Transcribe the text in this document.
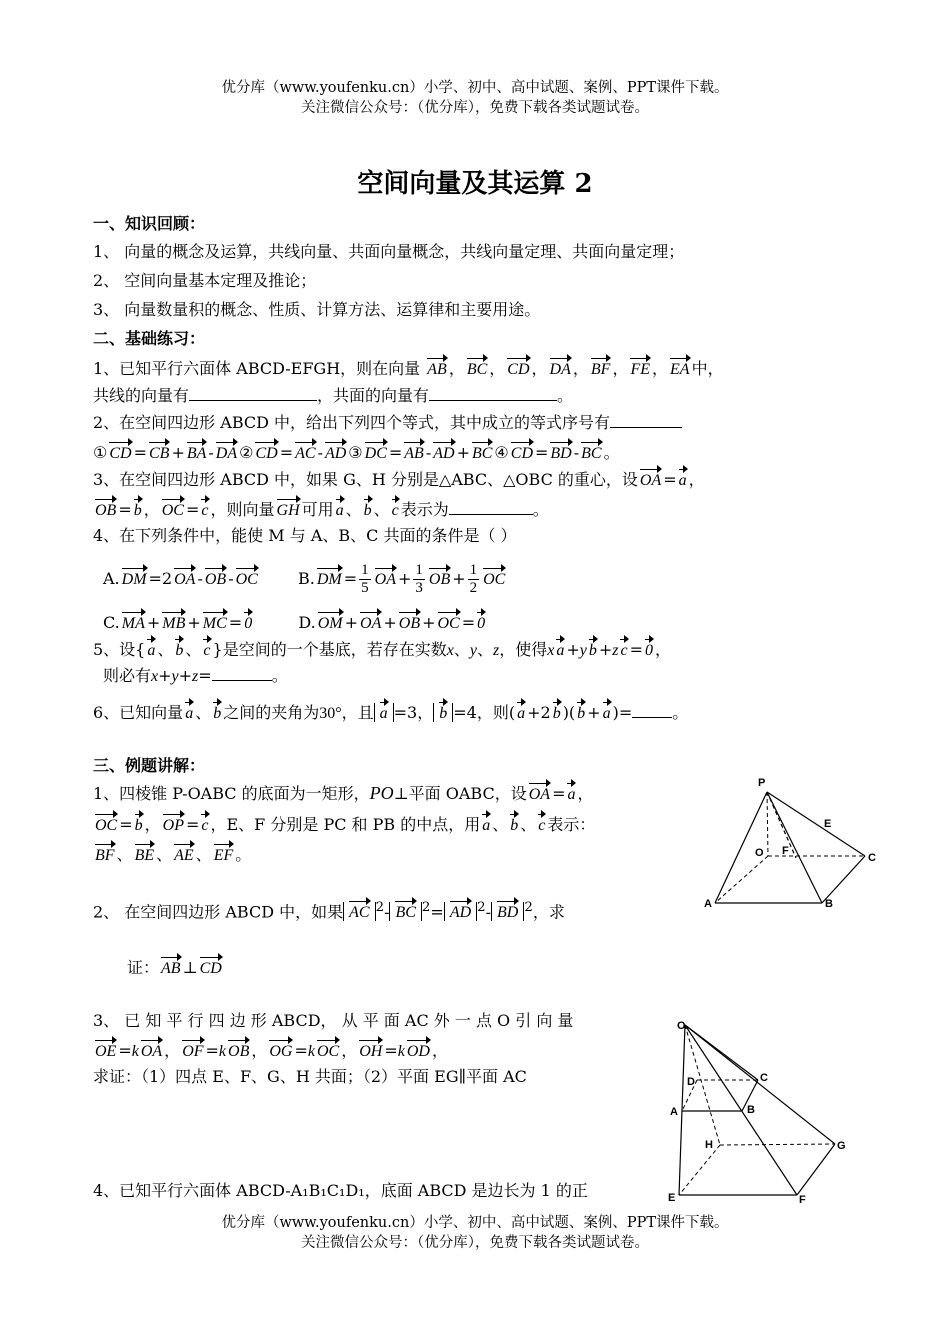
优分库（www.youfenku.cn）小学、初中、高中试题、案例、PPT课件下载。
关注微信公众号：（优分库），免费下载各类试题试卷。
空间向量及其运算 2
一、知识回顾：
1、 向量的概念及运算，共线向量、共面向量概念，共线向量定理、共面向量定理；
2、 空间向量基本定理及推论；
3、 向量数量积的概念、性质、计算方法、运算律和主要用途。
二、基础练习：
1、已知平行六面体 ABCD-EFGH，则在向量 AB ， BC ， CD ， DA ， BF ， FE ， EA 中，
共线的向量有	，共面的向量有	。
2、在空间四边形 ABCD 中，给出下列四个等式，其中成立的等式序号有
① CD = CB + BA - DA ② CD = AC - AD ③ DC = AB - AD + BC ④ CD = BD - BC 。
3、在空间四边形 ABCD 中，如果 G、H 分别是△ABC、△OBC 的重心，设 OA = a ，
OB = b ， OC = c ，则向量 GH 可用 a 、 b 、 c 表示为	。
4、在下列条件中，能使 M 与 A、B、C 共面的条件是（ ）
A. DM =2 OA - OB - OC  B. DM = $\frac{1}{5}$ OA + $\frac{1}{3}$ OB + $\frac{1}{2}$ OC
C. MA + MB + MC = 0	D. OM + OA + OB + OC = 0
5、设{ a 、 b 、 c }是空间的一个基底，若存在实数x、y、z，使得x a +y b +z c = 0 ，
则必有x+y+z=	。
6、已知向量 a 、 b 之间的夹角为30°，且 a =3， b =4，则( a +2 b )( b + a )=	。
三、例题讲解：
1、四棱锥 P-OABC 的底面为一矩形，PO⊥平面 OABC，设 OA = a ，
OC = b ， OP = c ，E、F 分别是 PC 和 PB 的中点，用 a 、 b 、 c 表示：
BF 、 BE 、 AE 、 EF 。
2、 在空间四边形 ABCD 中，如果 AC $^2$- BC $^2$= AD $^2$- BD $^2$，求
证： AB ⊥ CD
3、 已 知 平 行 四 边 形 ABCD， 从 平 面 AC 外 一 点 O 引 向 量
OE =k OA ， OF =k OB ， OG =k OC ， OH =k OD ，
求证：（1）四点 E、F、G、H 共面；（2）平面 EG∥平面 AC
4、已知平行六面体 ABCD-A₁B₁C₁D₁，底面 ABCD 是边长为 1 的正
P
E
O F
C
A	B
O
D	C
A	B
H	G
E	F
优分库（www.youfenku.cn）小学、初中、高中试题、案例、PPT课件下载。
关注微信公众号：（优分库），免费下载各类试题试卷。
